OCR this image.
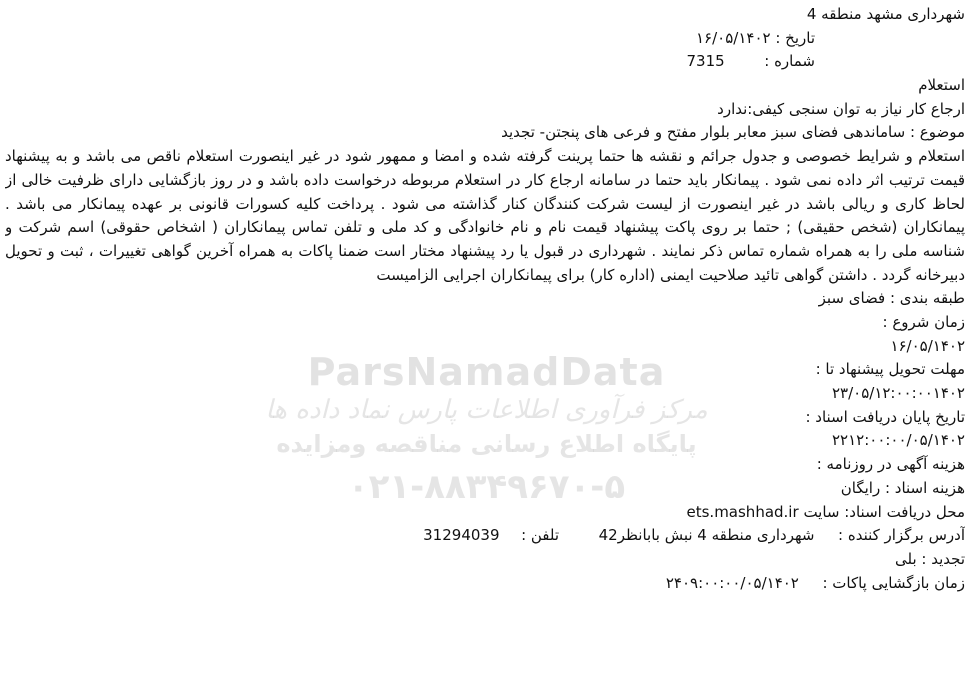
ParsNamadData
مرکز فرآوری اطلاعات پارس نماد داده ها
پایگاه اطلاع رسانی مناقصه ومزایده
۰۲۱-۸۸۳۴۹۶۷۰-۵
شهرداری مشهد منطقه 4
تاریخ : ۱۶/۰۵/۱۴۰۲
شماره :  7315
استعلام
ارجاع کار نیاز به توان سنجی کیفی:ندارد
موضوع : ساماندهی فضای سبز معابر بلوار مفتح و فرعی های پنجتن- تجدید
استعلام و شرایط خصوصی و جدول جرائم و نقشه ها حتما پرینت گرفته شده و امضا و ممهور شود در غیر اینصورت استعلام ناقص می باشد و به پیشنهاد قیمت ترتیب اثر داده نمی شود . پیمانکار باید حتما در سامانه ارجاع کار در استعلام مربوطه درخواست داده باشد و در روز بازگشایی دارای ظرفیت خالی از لحاظ کاری و ریالی باشد در غیر اینصورت از لیست شرکت کنندگان کنار گذاشته می شود . پرداخت کلیه کسورات قانونی بر عهده پیمانکار می باشد . پیمانکاران (شخص حقیقی) ; حتما بر روی پاکت پیشنهاد قیمت نام و نام خانوادگی و کد ملی و تلفن تماس پیمانکاران ( اشخاص حقوقی) اسم شرکت و شناسه ملی را به همراه شماره تماس ذکر نمایند . شهرداری در قبول یا رد پیشنهاد مختار است ضمنا پاکات به همراه آخرین گواهی تغییرات ، ثبت و تحویل دبیرخانه گردد . داشتن گواهی تائید صلاحیت ایمنی (اداره کار) برای پیمانکاران اجرایی الزامیست
طبقه بندی : فضای سبز
زمان شروع :
۱۶/۰۵/۱۴۰۲
مهلت تحویل پیشنهاد تا :
۲۳/۰۵/۱۲:۰۰:۰۰۱۴۰۲
تاریخ پایان دریافت اسناد :
۲۲۱۲:۰۰:۰۰/۰۵/۱۴۰۲
هزینه آگهی در روزنامه :
هزینه اسناد : رایگان
محل دریافت اسناد: سایت ets.mashhad.ir
آدرس برگزار کننده :  شهرداری منطقه 4 نبش بابانظر42  تلفن :  31294039
تجدید : بلی
زمان بازگشایی پاکات :  ۲۴۰۹:۰۰:۰۰/۰۵/۱۴۰۲
